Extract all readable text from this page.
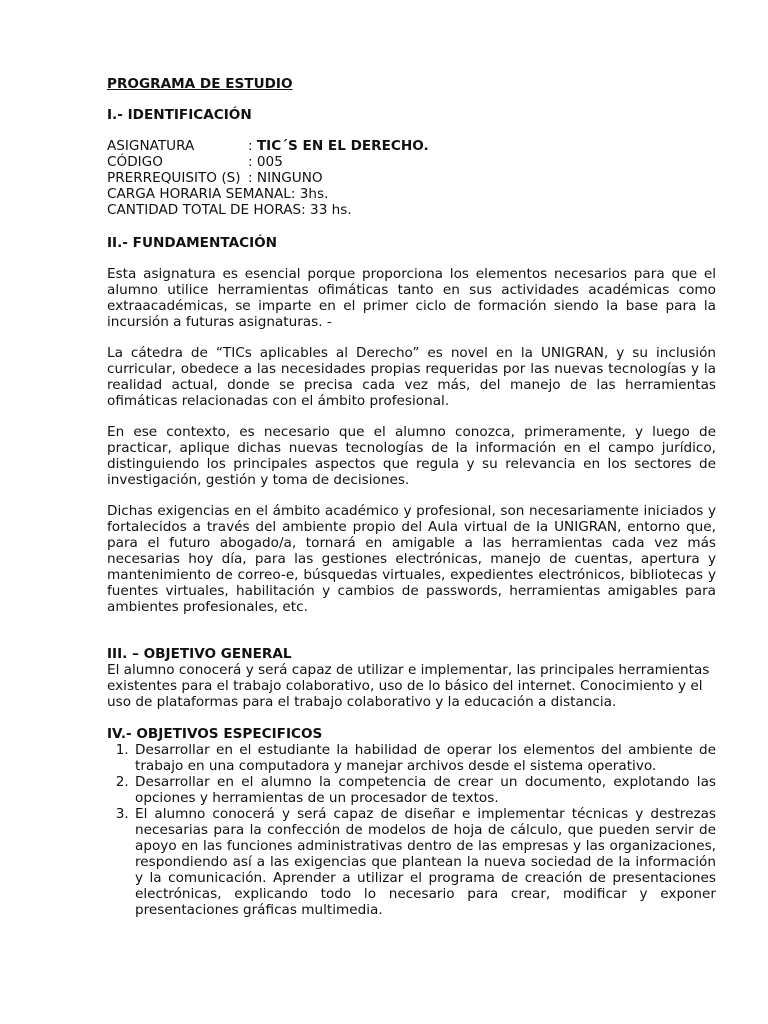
PROGRAMA DE ESTUDIO
I.- IDENTIFICACIÓN
ASIGNATURA	: TIC´S EN EL DERECHO.
CÓDIGO	: 005
PRERREQUISITO (S) : NINGUNO
CARGA HORARIA SEMANAL: 3hs.
CANTIDAD TOTAL DE HORAS: 33 hs.
II.- FUNDAMENTACIÓN

Esta asignatura es esencial porque proporciona los elementos necesarios para que el alumno utilice herramientas ofimáticas tanto en sus actividades académicas como extraacadémicas, se imparte en el primer ciclo de formación siendo la base para la incursión a futuras asignaturas. -

La cátedra de “TICs aplicables al Derecho” es novel en la UNIGRAN, y su inclusión curricular, obedece a las necesidades propias requeridas por las nuevas tecnologías y la realidad actual, donde se precisa cada vez más, del manejo de las herramientas ofimáticas relacionadas con el ámbito profesional.

En ese contexto, es necesario que el alumno conozca, primeramente, y luego de practicar, aplique dichas nuevas tecnologías de la información en el campo jurídico, distinguiendo los principales aspectos que regula y su relevancia en los sectores de investigación, gestión y toma de decisiones.

Dichas exigencias en el ámbito académico y profesional, son necesariamente iniciados y fortalecidos a través del ambiente propio del Aula virtual de la UNIGRAN, entorno que, para el futuro abogado/a, tornará en amigable a las herramientas cada vez más necesarias hoy día, para las gestiones electrónicas, manejo de cuentas, apertura y mantenimiento de correo-e, búsquedas virtuales, expedientes electrónicos, bibliotecas y fuentes virtuales, habilitación y cambios de passwords, herramientas amigables para ambientes profesionales, etc.

III. – OBJETIVO GENERAL

El alumno conocerá y será capaz de utilizar e implementar, las principales herramientas existentes para el trabajo colaborativo, uso de lo básico del internet. Conocimiento y el uso de plataformas para el trabajo colaborativo y la educación a distancia.

IV.- OBJETIVOS ESPECIFICOS
1. Desarrollar en el estudiante la habilidad de operar los elementos del ambiente de trabajo en una computadora y manejar archivos desde el sistema operativo.
2. Desarrollar en el alumno la competencia de crear un documento, explotando las opciones y herramientas de un procesador de textos.
3. El alumno conocerá y será capaz de diseñar e implementar técnicas y destrezas necesarias para la confección de modelos de hoja de cálculo, que pueden servir de apoyo en las funciones administrativas dentro de las empresas y las organizaciones, respondiendo así a las exigencias que plantean la nueva sociedad de la información y la comunicación. Aprender a utilizar el programa de creación de presentaciones electrónicas, explicando todo lo necesario para crear, modificar y exponer presentaciones gráficas multimedia.
